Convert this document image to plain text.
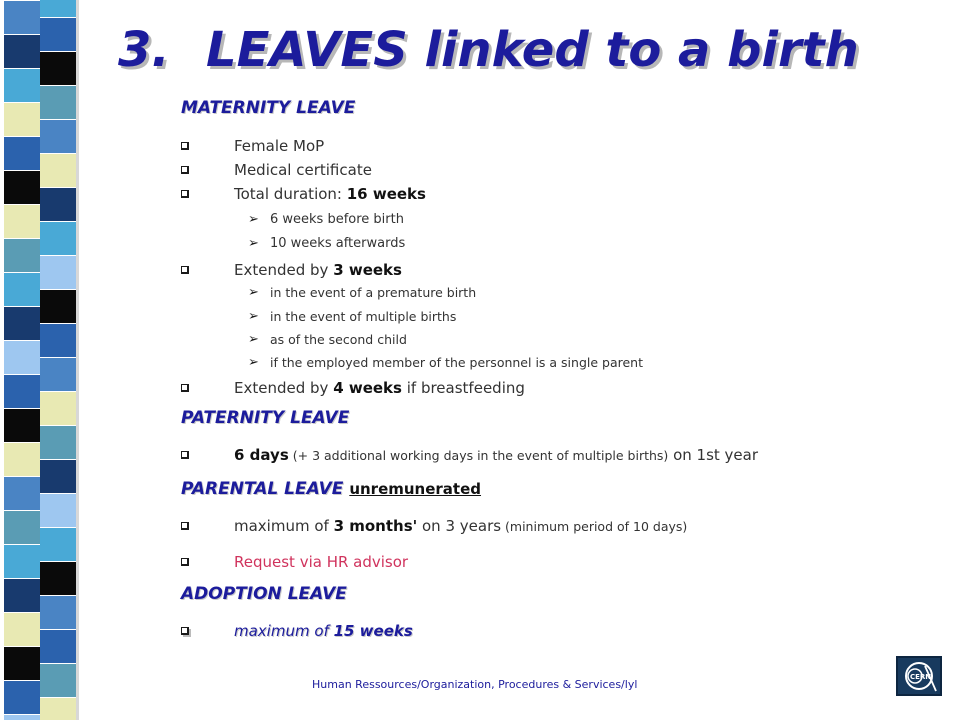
3. LEAVES linked to a birth
MATERNITY LEAVE
Female MoP
Medical certificate
Total duration: 16 weeks
➢ 6 weeks before birth
➢ 10 weeks afterwards
Extended by 3 weeks
➢ in the event of a premature birth
➢ in the event of multiple births
➢ as of the second child
➢ if the employed member of the personnel is a single parent
Extended by 4 weeks if breastfeeding
PATERNITY LEAVE
6 days (+ 3 additional working days in the event of multiple births) on 1st year
PARENTAL LEAVE unremunerated
maximum of 3 months' on 3 years (minimum period of 10 days)
Request via HR advisor
ADOPTION LEAVE
maximum of 15 weeks
Human Ressources/Organization, Procedures & Services/lyl
CERN
